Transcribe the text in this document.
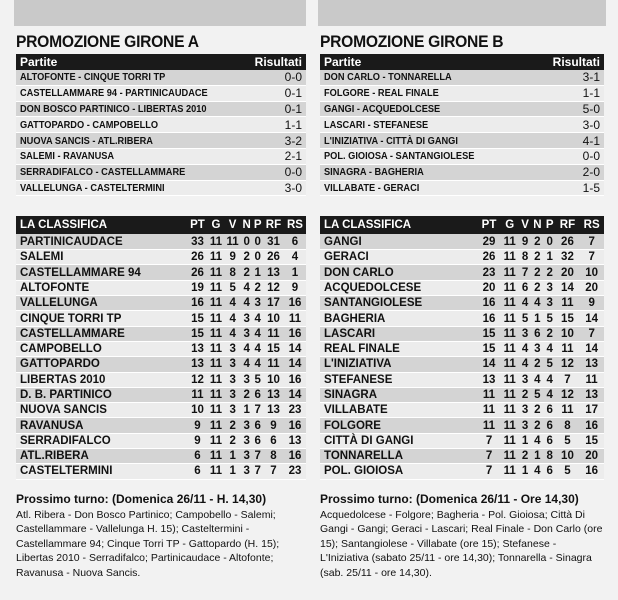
PROMOZIONE GIRONE A
Partite	Risultati
ALTOFONTE - CINQUE TORRI TP	0-0
CASTELLAMMARE 94 - PARTINICAUDACE	0-1
DON BOSCO PARTINICO - LIBERTAS 2010	0-1
GATTOPARDO - CAMPOBELLO	1-1
NUOVA SANCIS - ATL.RIBERA	3-2
SALEMI - RAVANUSA	2-1
SERRADIFALCO - CASTELLAMMARE	0-0
VALLELUNGA - CASTELTERMINI	3-0
LA CLASSIFICA	PT	G	V	N	P	RF	RS
PARTINICAUDACE	33	11	11	0	0	31	6
SALEMI	26	11	9	2	0	26	4
CASTELLAMMARE 94	26	11	8	2	1	13	1
ALTOFONTE	19	11	5	4	2	12	9
VALLELUNGA	16	11	4	4	3	17	16
CINQUE TORRI TP	15	11	4	3	4	10	11
CASTELLAMMARE	15	11	4	3	4	11	16
CAMPOBELLO	13	11	3	4	4	15	14
GATTOPARDO	13	11	3	4	4	11	14
LIBERTAS 2010	12	11	3	3	5	10	16
D. B. PARTINICO	11	11	3	2	6	13	14
NUOVA SANCIS	10	11	3	1	7	13	23
RAVANUSA	9	11	2	3	6	9	16
SERRADIFALCO	9	11	2	3	6	6	13
ATL.RIBERA	6	11	1	3	7	8	16
CASTELTERMINI	6	11	1	3	7	7	23
Prossimo turno: (Domenica 26/11 - H. 14,30)
Atl. Ribera - Don Bosco Partinico; Campobello - Salemi; Castellammare - Vallelunga H. 15); Casteltermini - Castellammare 94; Cinque Torri TP - Gattopardo (H. 15); Libertas 2010 - Serradifalco; Partinicaudace - Altofonte; Ravanusa - Nuova Sancis.
PROMOZIONE GIRONE B
Partite	Risultati
DON CARLO - TONNARELLA	3-1
FOLGORE - REAL FINALE	1-1
GANGI - ACQUEDOLCESE	5-0
LASCARI - STEFANESE	3-0
L'INIZIATIVA - CITTÀ DI GANGI	4-1
POL. GIOIOSA - SANTANGIOLESE	0-0
SINAGRA - BAGHERIA	2-0
VILLABATE - GERACI	1-5
LA CLASSIFICA	PT	G	V	N	P	RF	RS
GANGI	29	11	9	2	0	26	7
GERACI	26	11	8	2	1	32	7
DON CARLO	23	11	7	2	2	20	10
ACQUEDOLCESE	20	11	6	2	3	14	20
SANTANGIOLESE	16	11	4	4	3	11	9
BAGHERIA	16	11	5	1	5	15	14
LASCARI	15	11	3	6	2	10	7
REAL FINALE	15	11	4	3	4	11	14
L'INIZIATIVA	14	11	4	2	5	12	13
STEFANESE	13	11	3	4	4	7	11
SINAGRA	11	11	2	5	4	12	13
VILLABATE	11	11	3	2	6	11	17
FOLGORE	11	11	3	2	6	8	16
CITTÀ DI GANGI	7	11	1	4	6	5	15
TONNARELLA	7	11	2	1	8	10	20
POL. GIOIOSA	7	11	1	4	6	5	16
Prossimo turno: (Domenica 26/11 - Ore 14,30)
Acquedolcese - Folgore; Bagheria - Pol. Gioiosa; Città Di Gangi - Gangi; Geraci - Lascari; Real Finale - Don Carlo (ore 15); Santangiolese - Villabate (ore 15); Stefanese - L'Iniziativa (sabato 25/11 - ore 14,30); Tonnarella - Sinagra (sab. 25/11 - ore 14,30).
